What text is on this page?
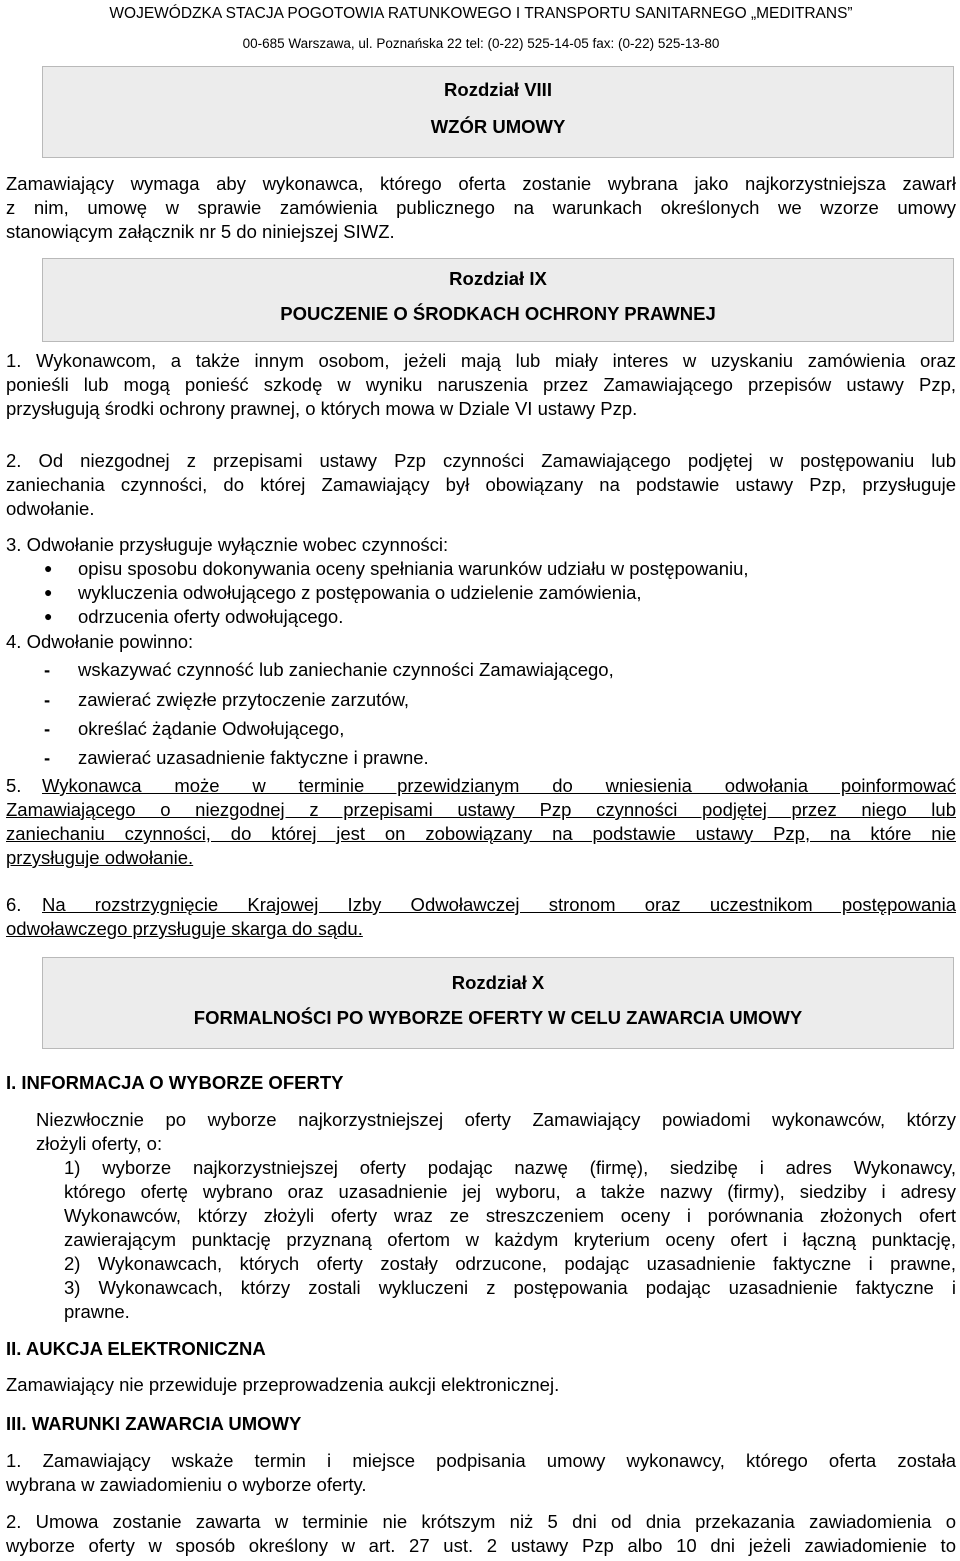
WOJEWÓDZKA STACJA POGOTOWIA RATUNKOWEGO I TRANSPORTU SANITARNEGO „MEDITRANS”
00-685 Warszawa, ul. Poznańska 22 tel: (0-22) 525-14-05 fax: (0-22) 525-13-80
Rozdział VIII
WZÓR UMOWY
Zamawiający wymaga aby wykonawca, którego oferta zostanie wybrana jako najkorzystniejsza zawarł
z nim, umowę w sprawie zamówienia publicznego na warunkach określonych we wzorze umowy
stanowiącym załącznik nr 5 do niniejszej SIWZ.
Rozdział IX
POUCZENIE O ŚRODKACH OCHRONY PRAWNEJ
1. Wykonawcom, a także innym osobom, jeżeli mają lub miały interes w uzyskaniu zamówienia oraz
ponieśli lub mogą ponieść szkodę w wyniku naruszenia przez Zamawiającego przepisów ustawy Pzp,
przysługują środki ochrony prawnej, o których mowa w Dziale VI ustawy Pzp.
2. Od niezgodnej z przepisami ustawy Pzp czynności Zamawiającego podjętej w postępowaniu lub
zaniechania czynności, do której Zamawiający był obowiązany na podstawie ustawy Pzp, przysługuje
odwołanie.
3. Odwołanie przysługuje wyłącznie wobec czynności:
● opisu sposobu dokonywania oceny spełniania warunków udziału w postępowaniu,
● wykluczenia odwołującego z postępowania o udzielenie zamówienia,
● odrzucenia oferty odwołującego.
4. Odwołanie powinno:
- wskazywać czynność lub zaniechanie czynności Zamawiającego,
- zawierać zwięzłe przytoczenie zarzutów,
- określać żądanie Odwołującego,
- zawierać uzasadnienie faktyczne i prawne.
5. Wykonawca może w terminie przewidzianym do wniesienia odwołania poinformować
Zamawiającego o niezgodnej z przepisami ustawy Pzp czynności podjętej przez niego lub
zaniechaniu czynności, do której jest on zobowiązany na podstawie ustawy Pzp, na które nie
przysługuje odwołanie.
6. Na rozstrzygnięcie Krajowej Izby Odwoławczej stronom oraz uczestnikom postępowania
odwoławczego przysługuje skarga do sądu.
Rozdział X
FORMALNOŚCI PO WYBORZE OFERTY W CELU ZAWARCIA UMOWY
I. INFORMACJA O WYBORZE OFERTY
Niezwłocznie po wyborze najkorzystniejszej oferty Zamawiający powiadomi wykonawców, którzy
złożyli oferty, o:
1) wyborze najkorzystniejszej oferty podając nazwę (firmę), siedzibę i adres Wykonawcy,
którego ofertę wybrano oraz uzasadnienie jej wyboru, a także nazwy (firmy), siedziby i adresy
Wykonawców, którzy złożyli oferty wraz ze streszczeniem oceny i porównania złożonych ofert
zawierającym punktację przyznaną ofertom w każdym kryterium oceny ofert i łączną punktację,
2) Wykonawcach, których oferty zostały odrzucone, podając uzasadnienie faktyczne i prawne,
3) Wykonawcach, którzy zostali wykluczeni z postępowania podając uzasadnienie faktyczne i
prawne.
II. AUKCJA ELEKTRONICZNA
Zamawiający nie przewiduje przeprowadzenia aukcji elektronicznej.
III. WARUNKI ZAWARCIA UMOWY
1. Zamawiający wskaże termin i miejsce podpisania umowy wykonawcy, którego oferta została
wybrana w zawiadomieniu o wyborze oferty.
2. Umowa zostanie zawarta w terminie nie krótszym niż 5 dni od dnia przekazania zawiadomienia o
wyborze oferty w sposób określony w art. 27 ust. 2 ustawy Pzp albo 10 dni jeżeli zawiadomienie to
